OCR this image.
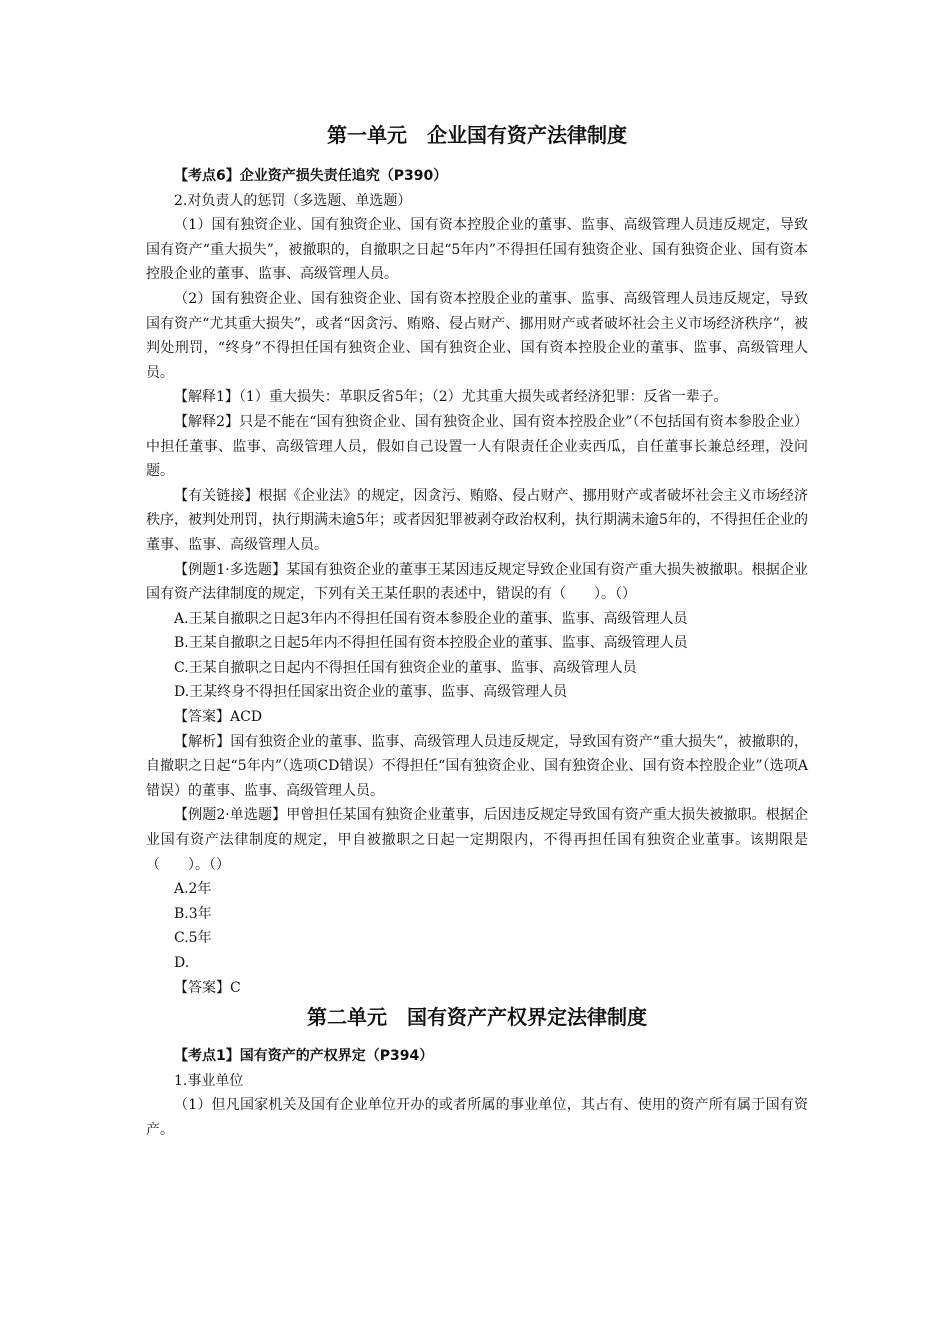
第一单元　企业国有资产法律制度

【考点6】企业资产损失责任追究（P390）

2.对负责人的惩罚（多选题、单选题）

（1）国有独资企业、国有独资企业、国有资本控股企业的董事、监事、高级管理人员违反规定，导致国有资产“重大损失”，被撤职的，自撤职之日起“5年内”不得担任国有独资企业、国有独资企业、国有资本控股企业的董事、监事、高级管理人员。

（2）国有独资企业、国有独资企业、国有资本控股企业的董事、监事、高级管理人员违反规定，导致国有资产“尤其重大损失”，或者“因贪污、贿赂、侵占财产、挪用财产或者破坏社会主义市场经济秩序”，被判处刑罚，“终身”不得担任国有独资企业、国有独资企业、国有资本控股企业的董事、监事、高级管理人员。

【解释1】（1）重大损失：革职反省5年；（2）尤其重大损失或者经济犯罪：反省一辈子。

【解释2】只是不能在“国有独资企业、国有独资企业、国有资本控股企业”（不包括国有资本参股企业）中担任董事、监事、高级管理人员，假如自己设置一人有限责任企业卖西瓜，自任董事长兼总经理，没问题。

【有关链接】根据《企业法》的规定，因贪污、贿赂、侵占财产、挪用财产或者破坏社会主义市场经济秩序，被判处刑罚，执行期满未逾5年；或者因犯罪被剥夺政治权利，执行期满未逾5年的，不得担任企业的董事、监事、高级管理人员。

【例题1·多选题】某国有独资企业的董事王某因违反规定导致企业国有资产重大损失被撤职。根据企业国有资产法律制度的规定，下列有关王某任职的表述中，错误的有（　　）。（）

A.王某自撤职之日起3年内不得担任国有资本参股企业的董事、监事、高级管理人员

B.王某自撤职之日起5年内不得担任国有资本控股企业的董事、监事、高级管理人员

C.王某自撤职之日起内不得担任国有独资企业的董事、监事、高级管理人员

D.王某终身不得担任国家出资企业的董事、监事、高级管理人员

【答案】ACD

【解析】国有独资企业的董事、监事、高级管理人员违反规定，导致国有资产“重大损失”，被撤职的，自撤职之日起“5年内”（选项CD错误）不得担任“国有独资企业、国有独资企业、国有资本控股企业”（选项A错误）的董事、监事、高级管理人员。

【例题2·单选题】甲曾担任某国有独资企业董事，后因违反规定导致国有资产重大损失被撤职。根据企业国有资产法律制度的规定，甲自被撤职之日起一定期限内，不得再担任国有独资企业董事。该期限是（　　）。（）

A.2年

B.3年

C.5年

D.

【答案】C

第二单元　国有资产产权界定法律制度

【考点1】国有资产的产权界定（P394）

1.事业单位

（1）但凡国家机关及国有企业单位开办的或者所属的事业单位，其占有、使用的资产所有属于国有资产。
